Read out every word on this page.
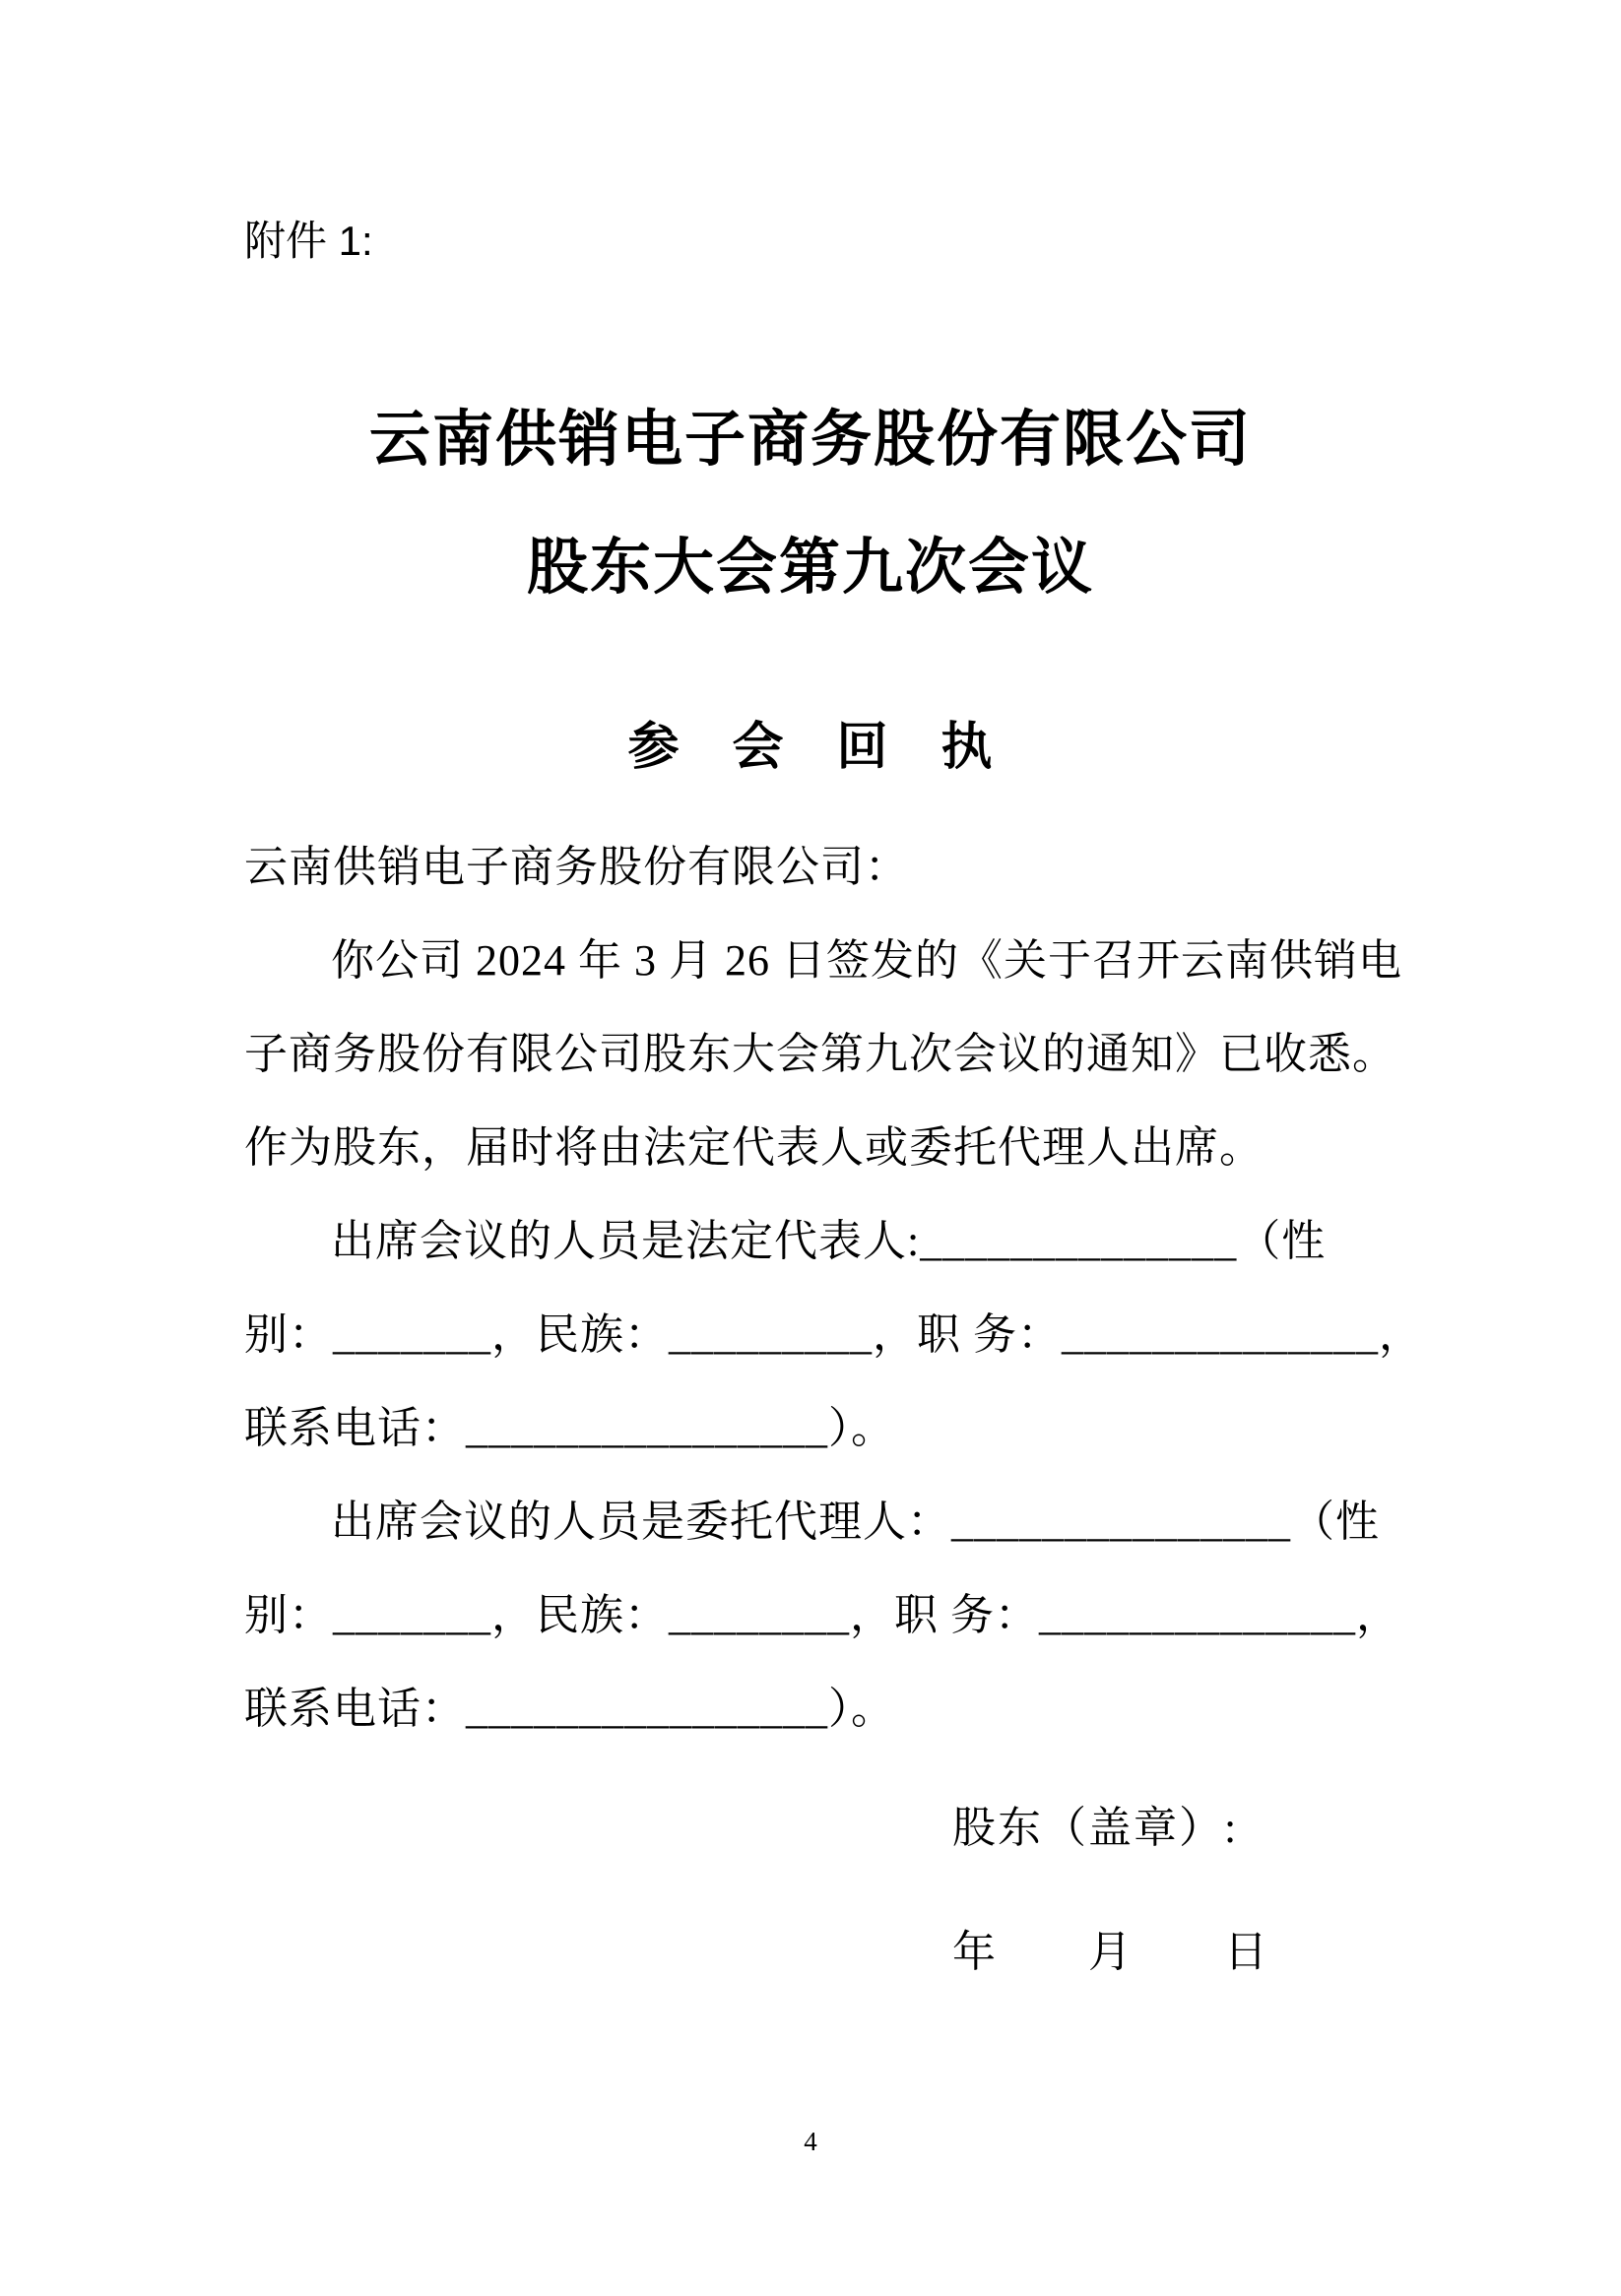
附件 1:
云南供销电子商务股份有限公司
股东大会第九次会议
参　会　回　执
云南供销电子商务股份有限公司：
你公司 2024 年 3 月 26 日签发的《关于召开云南供销电
子商务股份有限公司股东大会第九次会议的通知》已收悉。
作为股东，届时将由法定代表人或委托代理人出席。
出席会议的人员是法定代表人:______________（性
别：_______，民族：_________，职 务：______________，
联系电话：________________）。
出席会议的人员是委托代理人：_______________（性
别：_______，民族：________，职 务：______________，
联系电话：________________）。
股东（盖章）:
年　　月　　日
4
